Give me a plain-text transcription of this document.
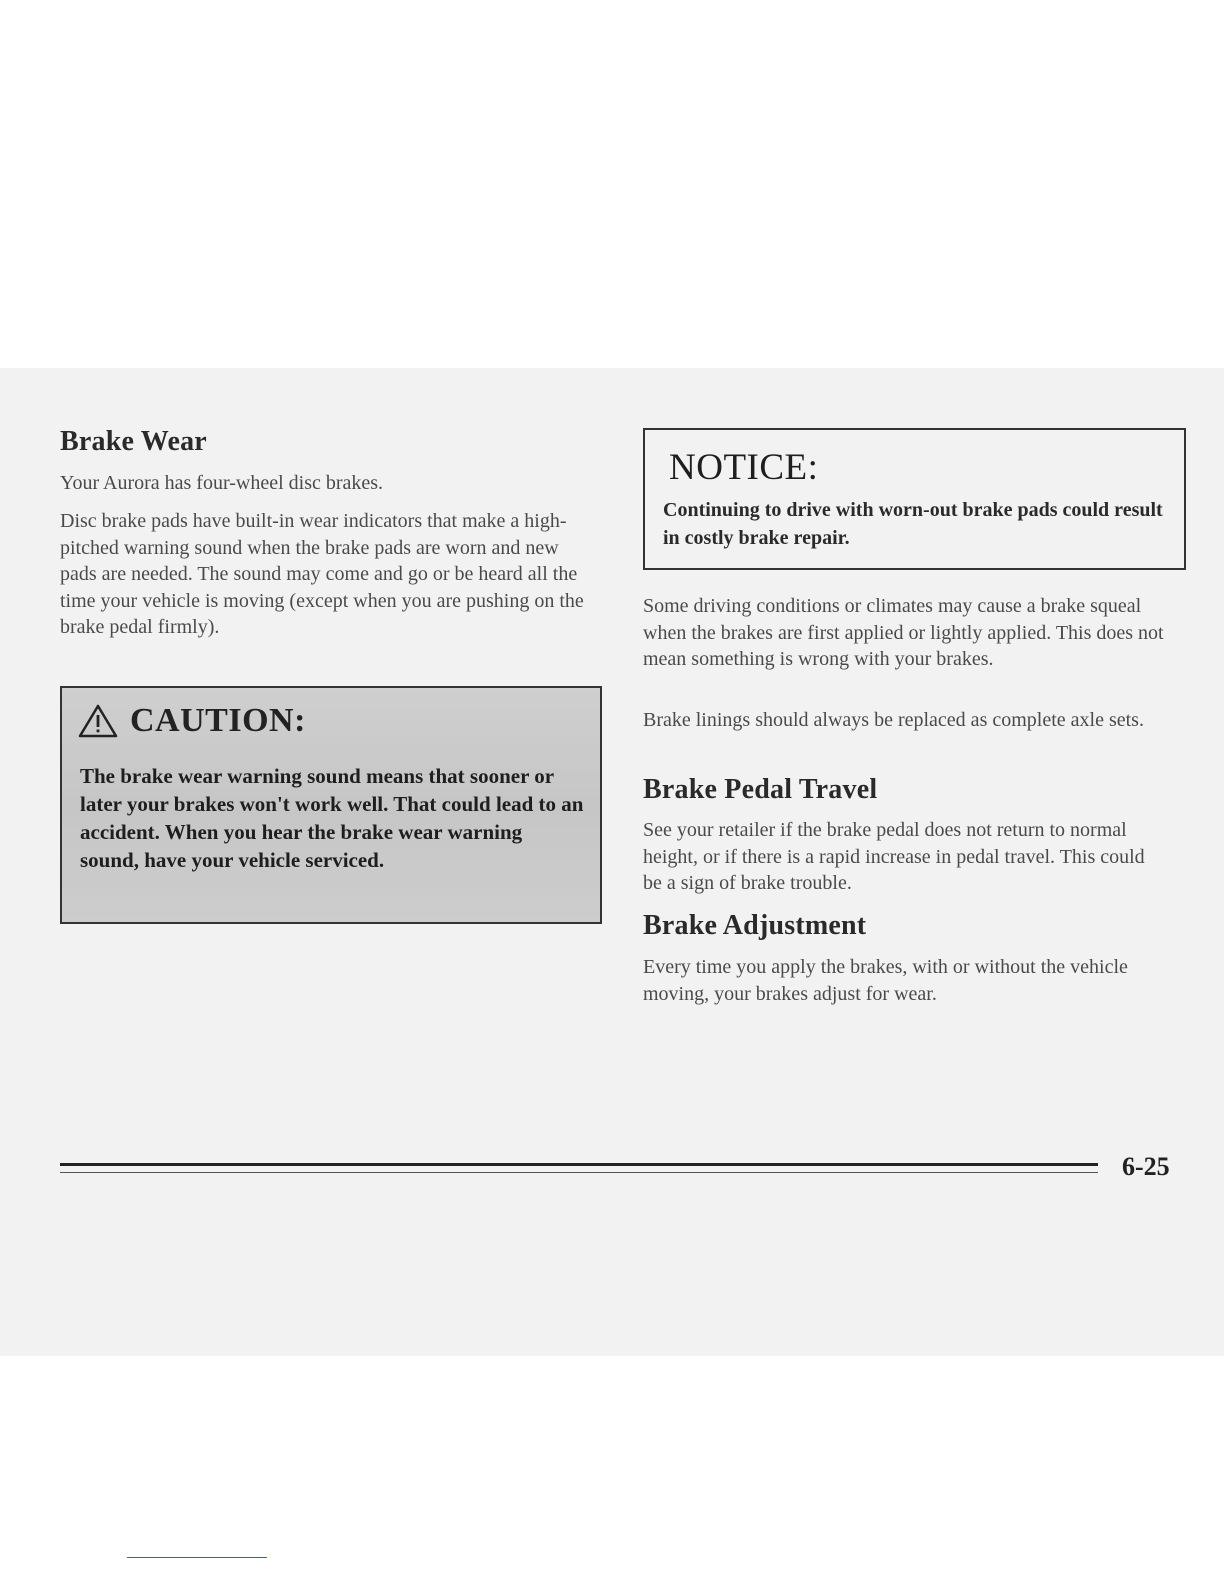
Brake Wear

Your Aurora has four-wheel disc brakes.

Disc brake pads have built-in wear indicators that make a high-pitched warning sound when the brake pads are worn and new pads are needed. The sound may come and go or be heard all the time your vehicle is moving (except when you are pushing on the brake pedal firmly).

CAUTION:
The brake wear warning sound means that sooner or later your brakes won't work well. That could lead to an accident. When you hear the brake wear warning sound, have your vehicle serviced.
NOTICE:
Continuing to drive with worn-out brake pads could result in costly brake repair.

Some driving conditions or climates may cause a brake squeal when the brakes are first applied or lightly applied. This does not mean something is wrong with your brakes.

Brake linings should always be replaced as complete axle sets.

Brake Pedal Travel

See your retailer if the brake pedal does not return to normal height, or if there is a rapid increase in pedal travel. This could be a sign of brake trouble.

Brake Adjustment

Every time you apply the brakes, with or without the vehicle moving, your brakes adjust for wear.

6-25
